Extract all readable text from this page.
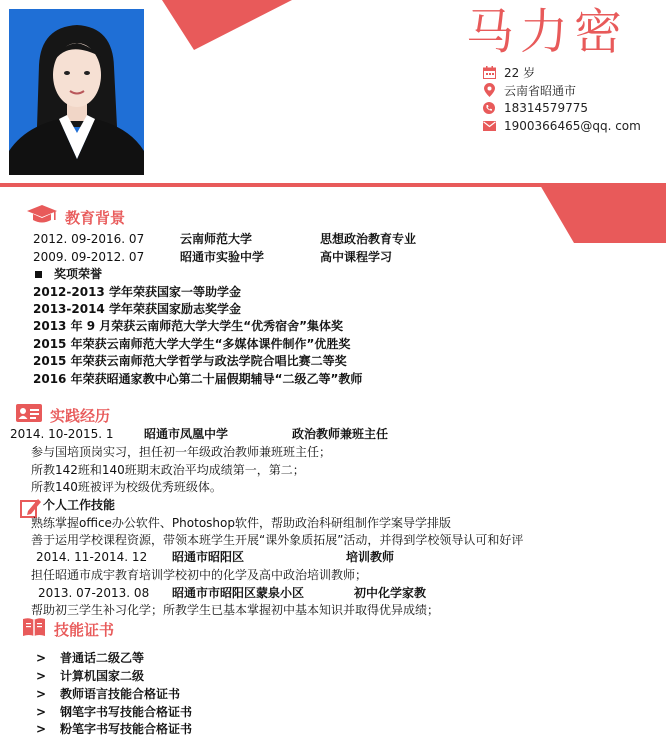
马力密
22 岁
云南省昭通市
18314579775
19003664​65@qq. com
教育背景
2012. 09-2016. 07	云南师范大学	思想政治教育专业
2009. 09-2012. 07	昭通市实验中学	高中课程学习
奖项荣誉
2012-2013 学年荣获国家一等助学金
2013-2014 学年荣获国家励志奖学金
2013 年 9 月荣获云南师范大学大学生“优秀宿舍”集体奖
2015 年荣获云南师范大学大学生“多媒体课件制作”优胜奖
2015 年荣获云南师范大学哲学与政法学院合唱比赛二等奖
2016 年荣获昭通家教中心第二十届假期辅导“二级乙等”教师
实践经历
2014. 10-2015. 1	昭通市凤凰中学	政治教师兼班主任
参与国培顶岗实习，担任初一年级政治教师兼班班主任；
所教142班和140班期末政治平均成绩第一，第二；
所教140班被评为校级优秀班级体。
个人工作技能
熟练掌握office办公软件、Photoshop软件，帮助政治科研组制作学案导学排版
善于运用学校课程资源，带领本班学生开展“课外象质拓展”活动，并得到学校领导认可和好评
2014. 11-2014. 12 昭通市昭阳区	培训教师
担任昭通市成宇教育培训学校初中的化学及高中政治培训教师；
2013. 07-2013. 08 昭通市市昭阳区蒙泉小区	初中化学家教
帮助初三学生补习化学；所教学生已基本掌握初中基本知识并取得优异成绩；
技能证书
> 普通话二级乙等
> 计算机国家二级
> 教师语言技能合格证书
> 钢笔字书写技能合格证书
> 粉笔字书写技能合格证书
